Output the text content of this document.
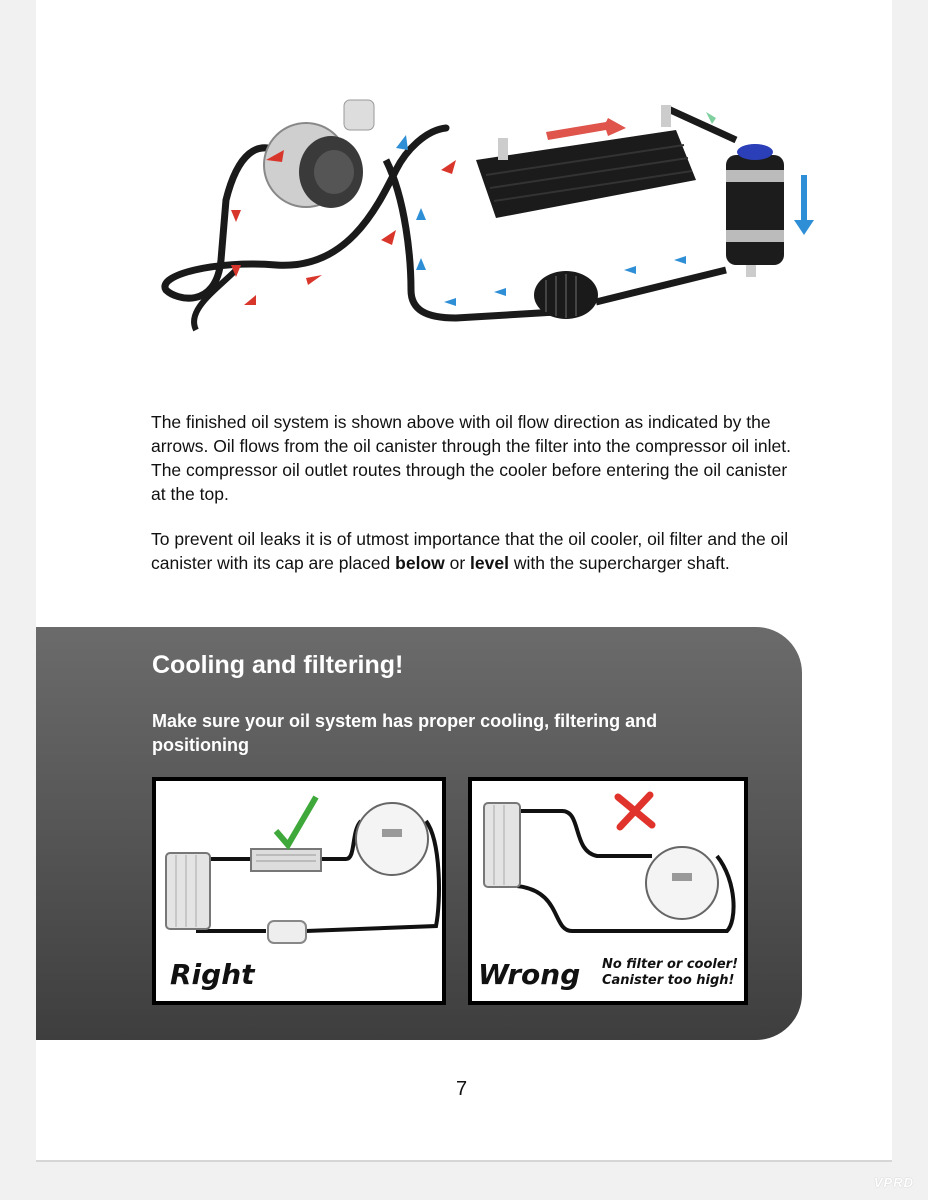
The finished oil system is shown above with oil flow direction as indicated by the arrows. Oil flows from the oil canister through the filter into the compressor oil inlet. The compressor oil outlet routes through the cooler before entering the oil canister at the top.

To prevent oil leaks it is of utmost importance that the oil cooler, oil filter and the oil canister with its cap are placed below or level with the supercharger shaft.

Cooling and filtering!
Make sure your oil system has proper cooling, filtering and positioning
Right	Wrong No filter or cooler!
Canister too high!
7
VPRD
